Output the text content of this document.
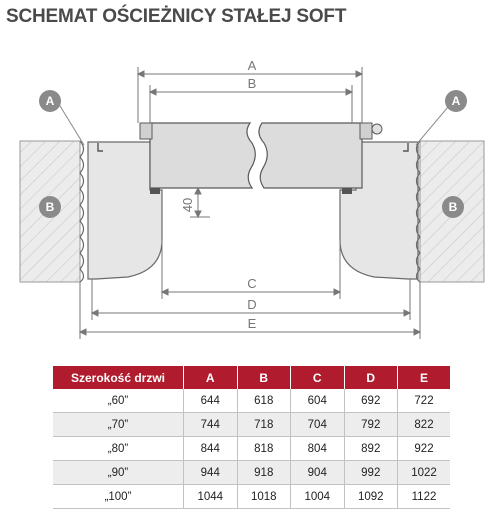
SCHEMAT OŚCIEŻNICY STAŁEJ SOFT
A
B
C
D
E
40
A	A
B	B
Szerokość drzwi	A	B	C	D	E
„60”	644	618	604	692	722
„70”	744	718	704	792	822
„80”	844	818	804	892	922
„90”	944	918	904	992	1022
„100”	1044	1018	1004	1092	1122
